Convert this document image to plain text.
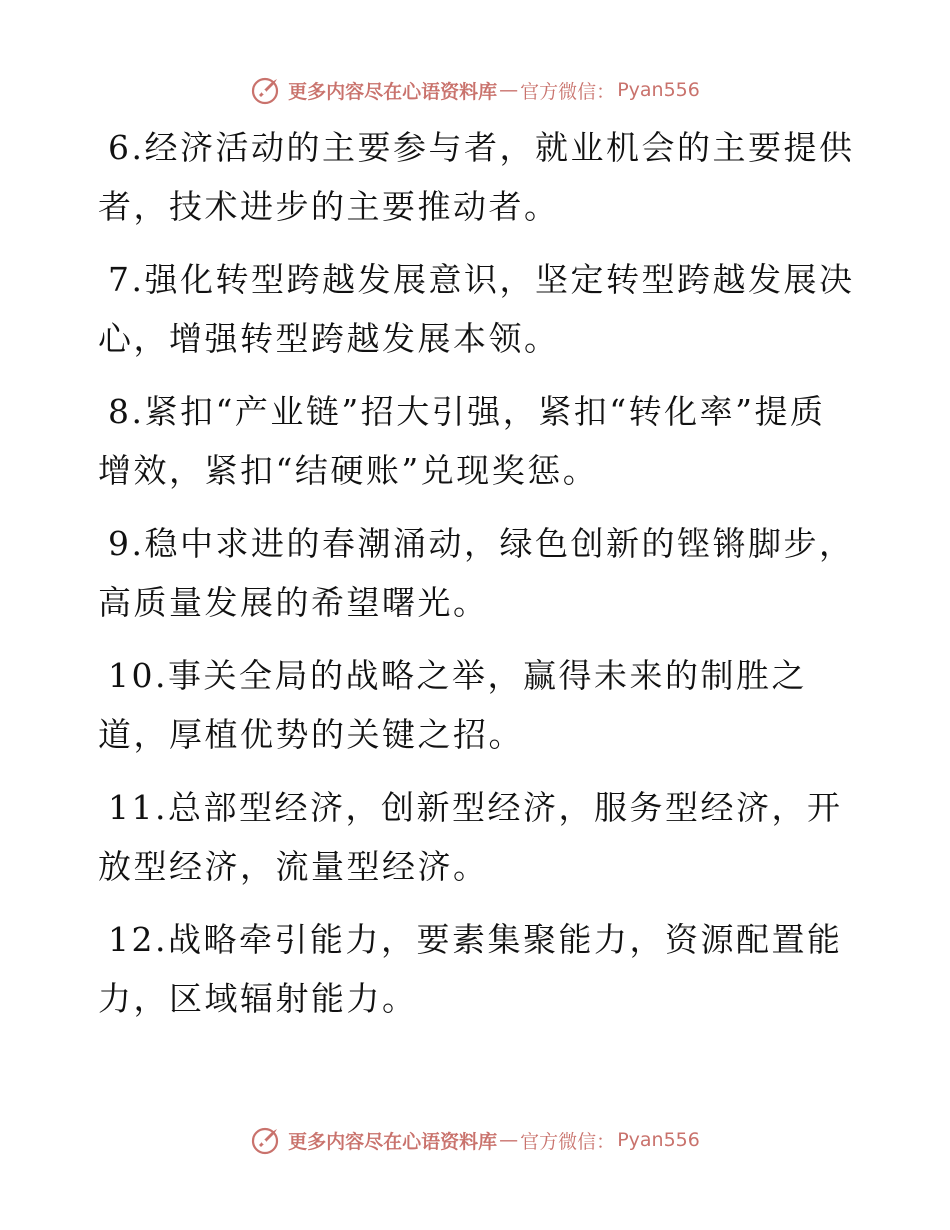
更多内容尽在心语资料库 — 官方微信： Pyan556

6.经济活动的主要参与者，就业机会的主要提供者，技术进步的主要推动者。

7.强化转型跨越发展意识，坚定转型跨越发展决心，增强转型跨越发展本领。

8.紧扣“产业链”招大引强，紧扣“转化率”提质增效，紧扣“结硬账”兑现奖惩。

9.稳中求进的春潮涌动，绿色创新的铿锵脚步，高质量发展的希望曙光。

10.事关全局的战略之举，赢得未来的制胜之道，厚植优势的关键之招。

11.总部型经济，创新型经济，服务型经济，开放型经济，流量型经济。

12.战略牵引能力，要素集聚能力，资源配置能力，区域辐射能力。

更多内容尽在心语资料库 — 官方微信： Pyan556
